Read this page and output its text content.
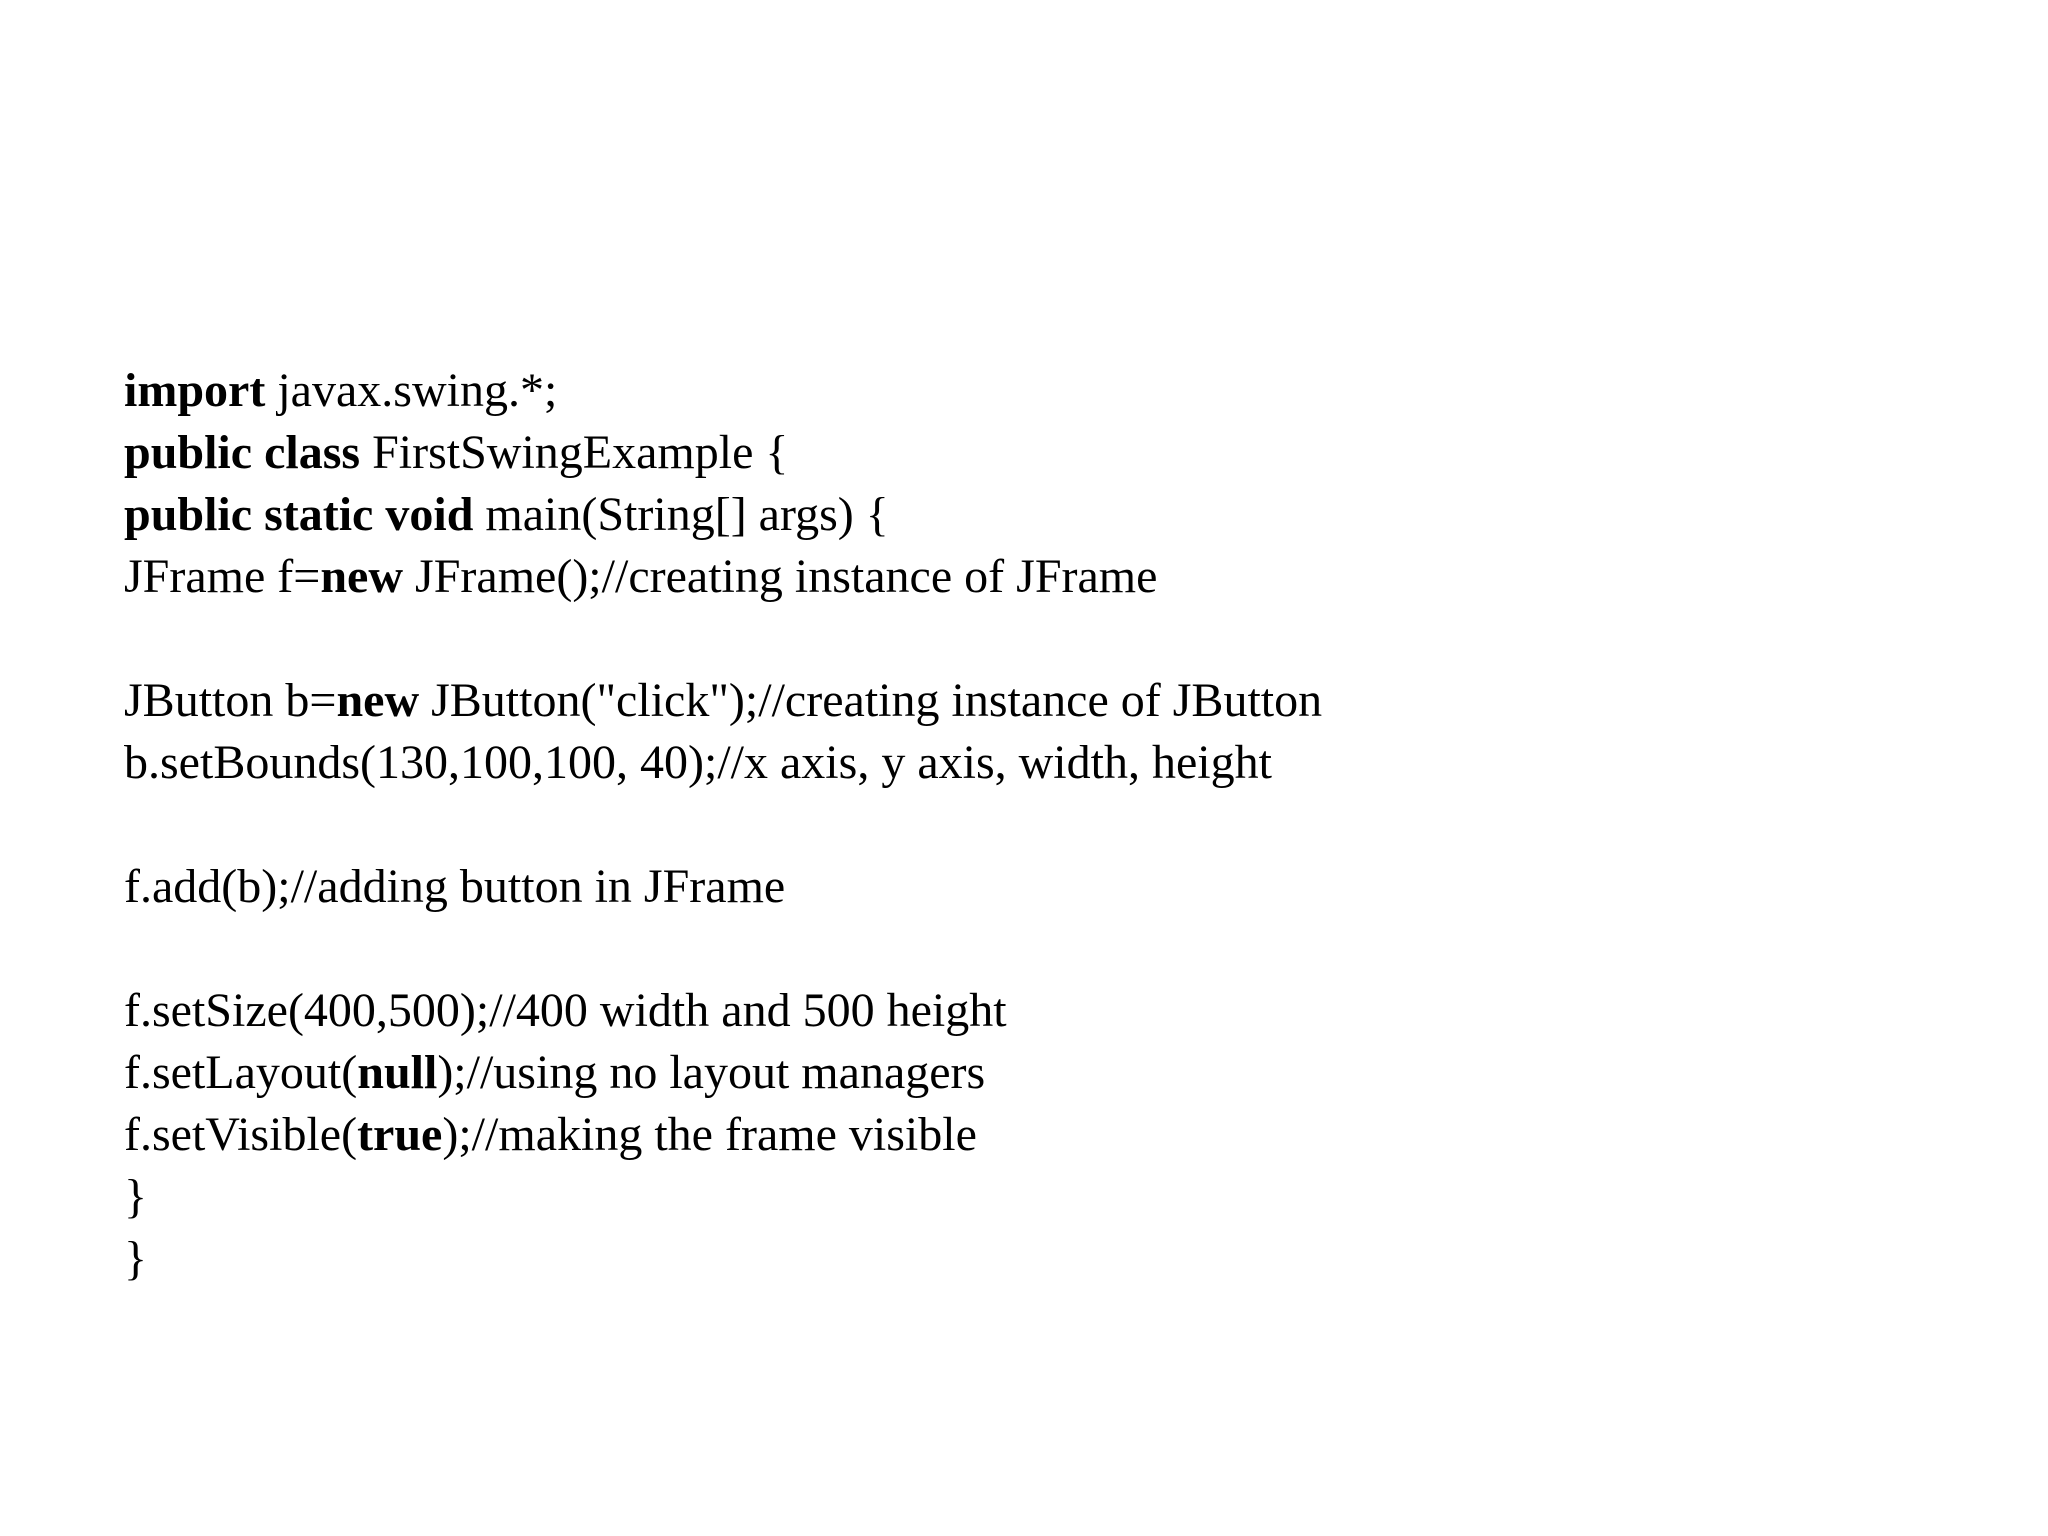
import javax.swing.*;
public class FirstSwingExample {
public static void main(String[] args) {
JFrame f=new JFrame();//creating instance of JFrame
JButton b=new JButton("click");//creating instance of JButton
b.setBounds(130,100,100, 40);//x axis, y axis, width, height
f.add(b);//adding button in JFrame
f.setSize(400,500);//400 width and 500 height
f.setLayout(null);//using no layout managers
f.setVisible(true);//making the frame visible
}
}
